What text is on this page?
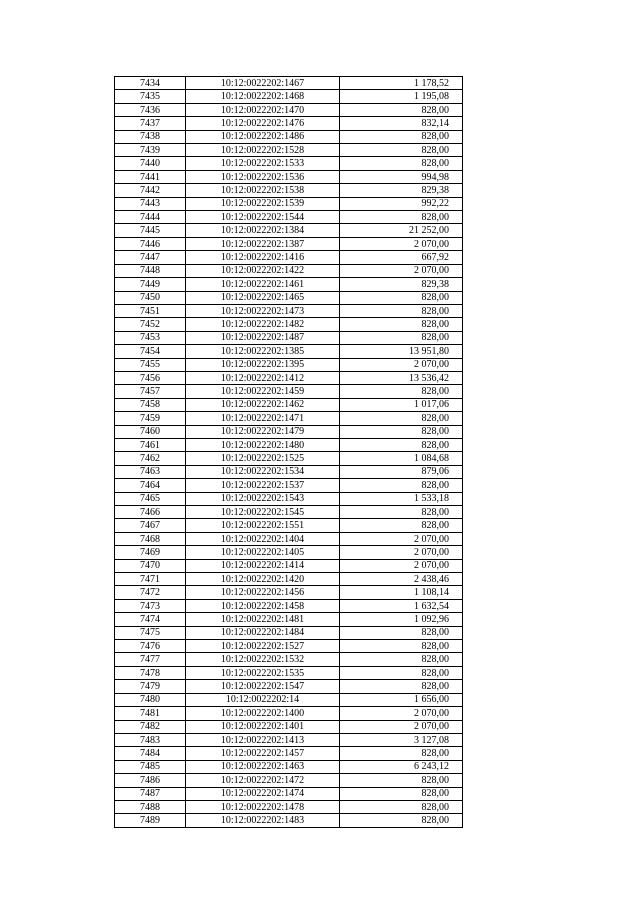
7434	10:12:0022202:1467	1 178,52
7435	10:12:0022202:1468	1 195,08
7436	10:12:0022202:1470	828,00
7437	10:12:0022202:1476	832,14
7438	10:12:0022202:1486	828,00
7439	10:12:0022202:1528	828,00
7440	10:12:0022202:1533	828,00
7441	10:12:0022202:1536	994,98
7442	10:12:0022202:1538	829,38
7443	10:12:0022202:1539	992,22
7444	10:12:0022202:1544	828,00
7445	10:12:0022202:1384	21 252,00
7446	10:12:0022202:1387	2 070,00
7447	10:12:0022202:1416	667,92
7448	10:12:0022202:1422	2 070,00
7449	10:12:0022202:1461	829,38
7450	10:12:0022202:1465	828,00
7451	10:12:0022202:1473	828,00
7452	10:12:0022202:1482	828,00
7453	10:12:0022202:1487	828,00
7454	10:12:0022202:1385	13 951,80
7455	10:12:0022202:1395	2 070,00
7456	10:12:0022202:1412	13 536,42
7457	10:12:0022202:1459	828,00
7458	10:12:0022202:1462	1 017,06
7459	10:12:0022202:1471	828,00
7460	10:12:0022202:1479	828,00
7461	10:12:0022202:1480	828,00
7462	10:12:0022202:1525	1 084,68
7463	10:12:0022202:1534	879,06
7464	10:12:0022202:1537	828,00
7465	10:12:0022202:1543	1 533,18
7466	10:12:0022202:1545	828,00
7467	10:12:0022202:1551	828,00
7468	10:12:0022202:1404	2 070,00
7469	10:12:0022202:1405	2 070,00
7470	10:12:0022202:1414	2 070,00
7471	10:12:0022202:1420	2 438,46
7472	10:12:0022202:1456	1 108,14
7473	10:12:0022202:1458	1 632,54
7474	10:12:0022202:1481	1 092,96
7475	10:12:0022202:1484	828,00
7476	10:12:0022202:1527	828,00
7477	10:12:0022202:1532	828,00
7478	10:12:0022202:1535	828,00
7479	10:12:0022202:1547	828,00
7480	10:12:0022202:14	1 656,00
7481	10:12:0022202:1400	2 070,00
7482	10:12:0022202:1401	2 070,00
7483	10:12:0022202:1413	3 127,08
7484	10:12:0022202:1457	828,00
7485	10:12:0022202:1463	6 243,12
7486	10:12:0022202:1472	828,00
7487	10:12:0022202:1474	828,00
7488	10:12:0022202:1478	828,00
7489	10:12:0022202:1483	828,00
